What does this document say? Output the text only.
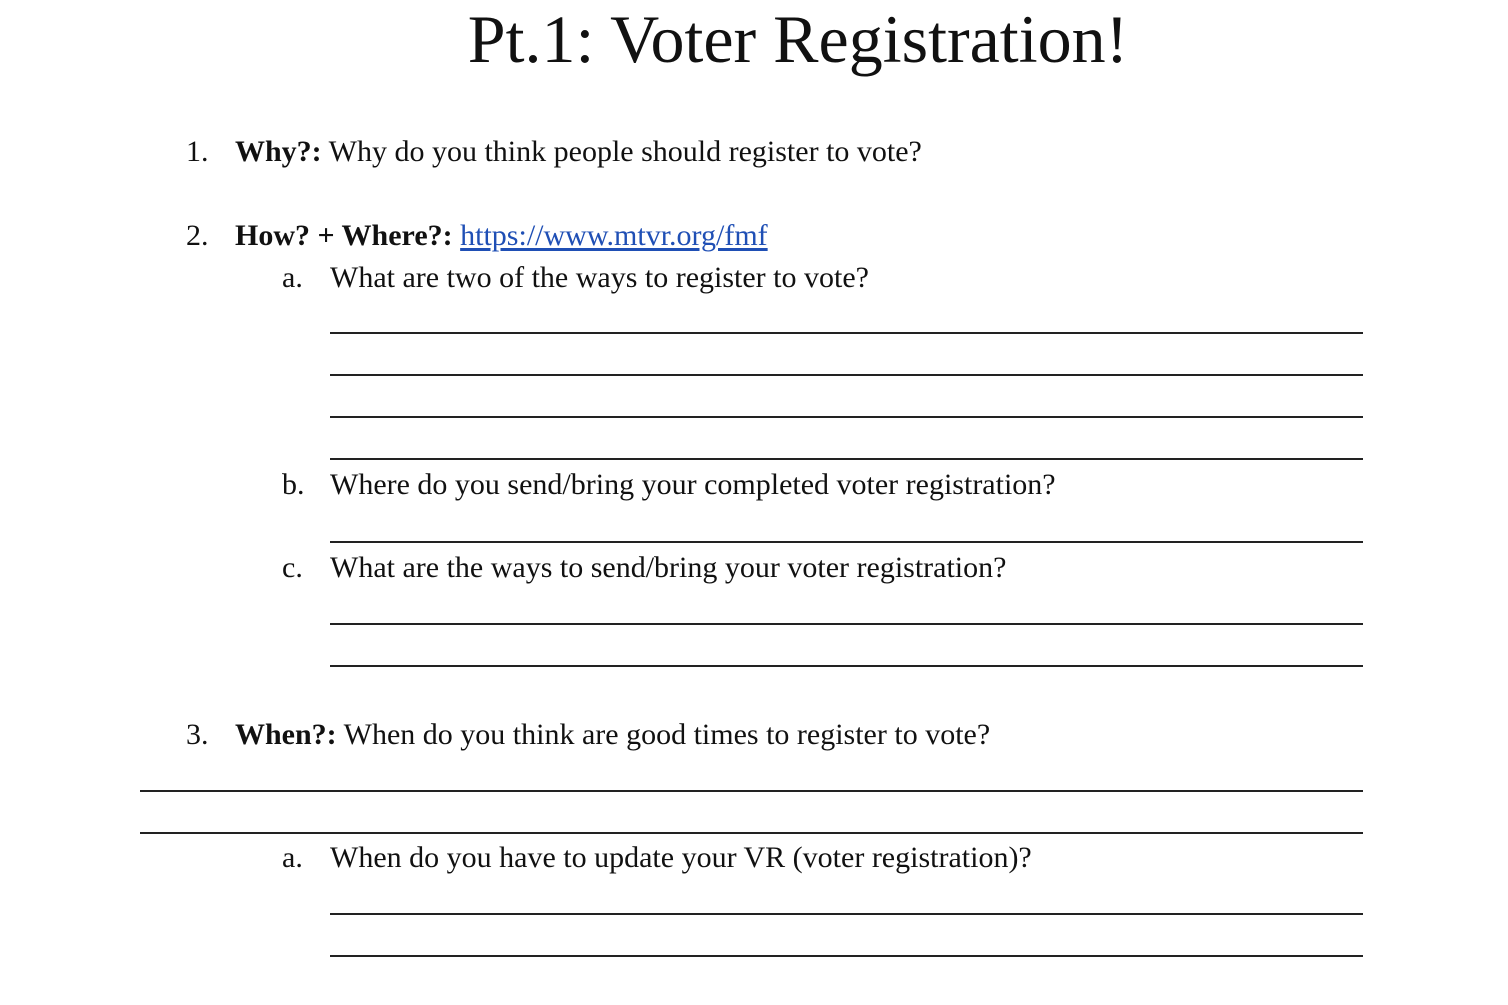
Pt.1: Voter Registration!
1. Why?: Why do you think people should register to vote?
2. How? + Where?: https://www.mtvr.org/fmf
a. What are two of the ways to register to vote?
b. Where do you send/bring your completed voter registration?
c. What are the ways to send/bring your voter registration?
3. When?: When do you think are good times to register to vote?
a. When do you have to update your VR (voter registration)?
